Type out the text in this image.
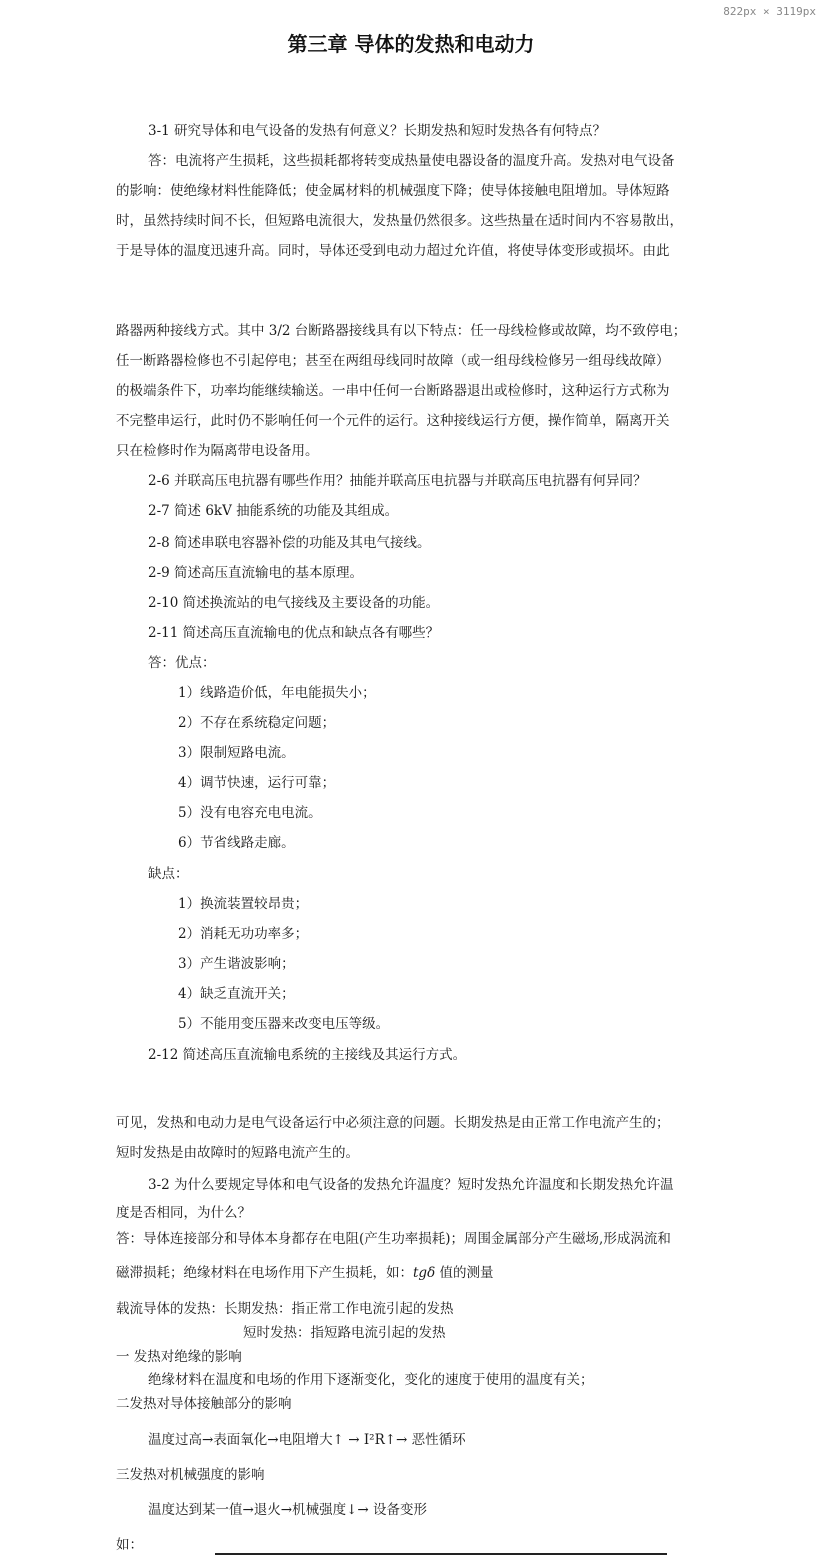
822px × 3119px
第三章 导体的发热和电动力
3-1 研究导体和电气设备的发热有何意义？长期发热和短时发热各有何特点？
答：电流将产生损耗，这些损耗都将转变成热量使电器设备的温度升高。发热对电气设备
的影响：使绝缘材料性能降低；使金属材料的机械强度下降；使导体接触电阻增加。导体短路
时，虽然持续时间不长，但短路电流很大，发热量仍然很多。这些热量在适时间内不容易散出，
于是导体的温度迅速升高。同时，导体还受到电动力超过允许值，将使导体变形或损坏。由此
路器两种接线方式。其中 3/2 台断路器接线具有以下特点：任一母线检修或故障，均不致停电；
任一断路器检修也不引起停电；甚至在两组母线同时故障（或一组母线检修另一组母线故障）
的极端条件下，功率均能继续输送。一串中任何一台断路器退出或检修时，这种运行方式称为
不完整串运行，此时仍不影响任何一个元件的运行。这种接线运行方便，操作简单，隔离开关
只在检修时作为隔离带电设备用。
2-6 并联高压电抗器有哪些作用？抽能并联高压电抗器与并联高压电抗器有何异同？
2-7 简述 6kV 抽能系统的功能及其组成。
2-8 简述串联电容器补偿的功能及其电气接线。
2-9 简述高压直流输电的基本原理。
2-10 简述换流站的电气接线及主要设备的功能。
2-11 简述高压直流输电的优点和缺点各有哪些？
答：优点：
1）线路造价低，年电能损失小；
2）不存在系统稳定问题；
3）限制短路电流。
4）调节快速，运行可靠；
5）没有电容充电电流。
6）节省线路走廊。
缺点：
1）换流装置较昂贵；
2）消耗无功功率多；
3）产生谐波影响；
4）缺乏直流开关；
5）不能用变压器来改变电压等级。
2-12 简述高压直流输电系统的主接线及其运行方式。
可见，发热和电动力是电气设备运行中必须注意的问题。长期发热是由正常工作电流产生的；
短时发热是由故障时的短路电流产生的。
3-2 为什么要规定导体和电气设备的发热允许温度？短时发热允许温度和长期发热允许温
度是否相同，为什么？
答：导体连接部分和导体本身都存在电阻(产生功率损耗)；周围金属部分产生磁场,形成涡流和
磁滞损耗；绝缘材料在电场作用下产生损耗，如：tgδ 值的测量
载流导体的发热：长期发热：指正常工作电流引起的发热
短时发热：指短路电流引起的发热
一 发热对绝缘的影响
绝缘材料在温度和电场的作用下逐渐变化，变化的速度于使用的温度有关；
二发热对导体接触部分的影响
温度过高→表面氧化→电阻增大↑ → I²R↑→ 恶性循环
三发热对机械强度的影响
温度达到某一值→退火→机械强度↓→ 设备变形
如：
